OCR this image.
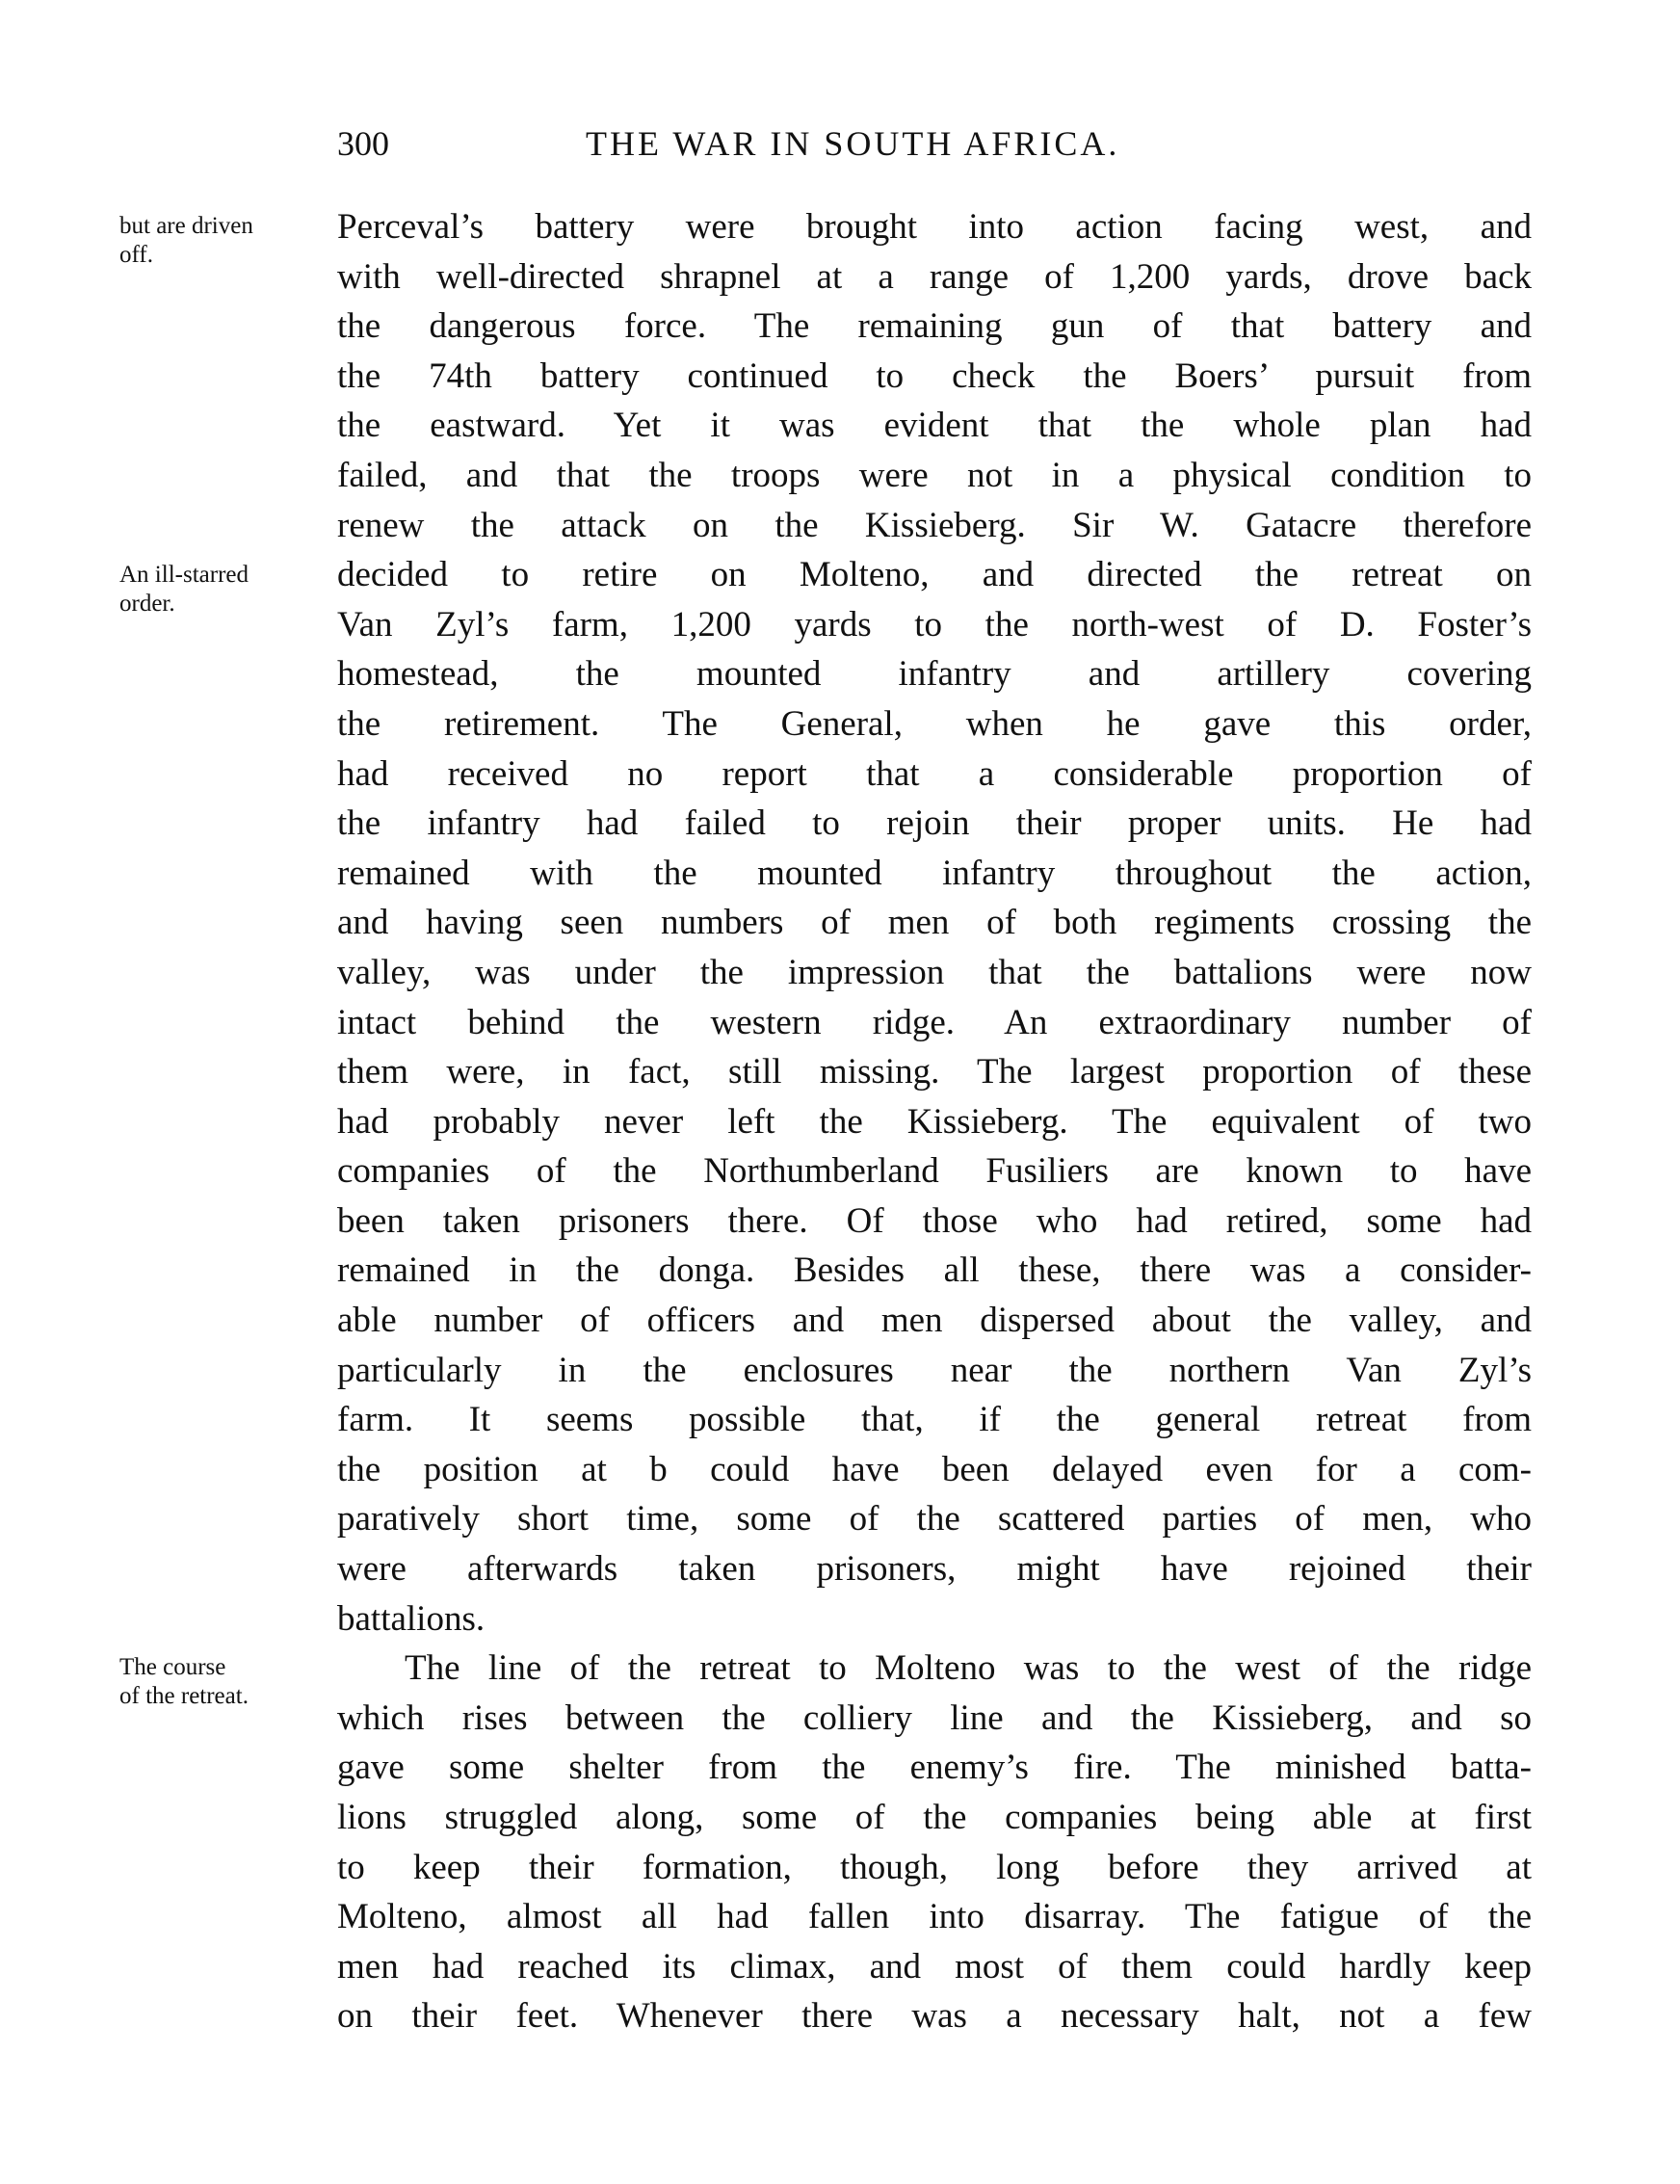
300	THE WAR IN SOUTH AFRICA.
but are driven
off.
An ill-starred
order.
The course
of the retreat.
Perceval’s battery were brought into action facing west, and
with well-directed shrapnel at a range of 1,200 yards, drove back
the dangerous force. The remaining gun of that battery and
the 74th battery continued to check the Boers’ pursuit from
the eastward. Yet it was evident that the whole plan had
failed, and that the troops were not in a physical condition to
renew the attack on the Kissieberg. Sir W. Gatacre therefore
decided to retire on Molteno, and directed the retreat on
Van Zyl’s farm, 1,200 yards to the north-west of D. Foster’s
homestead, the mounted infantry and artillery covering
the retirement. The General, when he gave this order,
had received no report that a considerable proportion of
the infantry had failed to rejoin their proper units. He had
remained with the mounted infantry throughout the action,
and having seen numbers of men of both regiments crossing the
valley, was under the impression that the battalions were now
intact behind the western ridge. An extraordinary number of
them were, in fact, still missing. The largest proportion of these
had probably never left the Kissieberg. The equivalent of two
companies of the Northumberland Fusiliers are known to have
been taken prisoners there. Of those who had retired, some had
remained in the donga. Besides all these, there was a consider-
able number of officers and men dispersed about the valley, and
particularly in the enclosures near the northern Van Zyl’s
farm. It seems possible that, if the general retreat from
the position at b could have been delayed even for a com-
paratively short time, some of the scattered parties of men, who
were afterwards taken prisoners, might have rejoined their
battalions.
The line of the retreat to Molteno was to the west of the ridge
which rises between the colliery line and the Kissieberg, and so
gave some shelter from the enemy’s fire. The minished batta-
lions struggled along, some of the companies being able at first
to keep their formation, though, long before they arrived at
Molteno, almost all had fallen into disarray. The fatigue of the
men had reached its climax, and most of them could hardly keep
on their feet. Whenever there was a necessary halt, not a few
